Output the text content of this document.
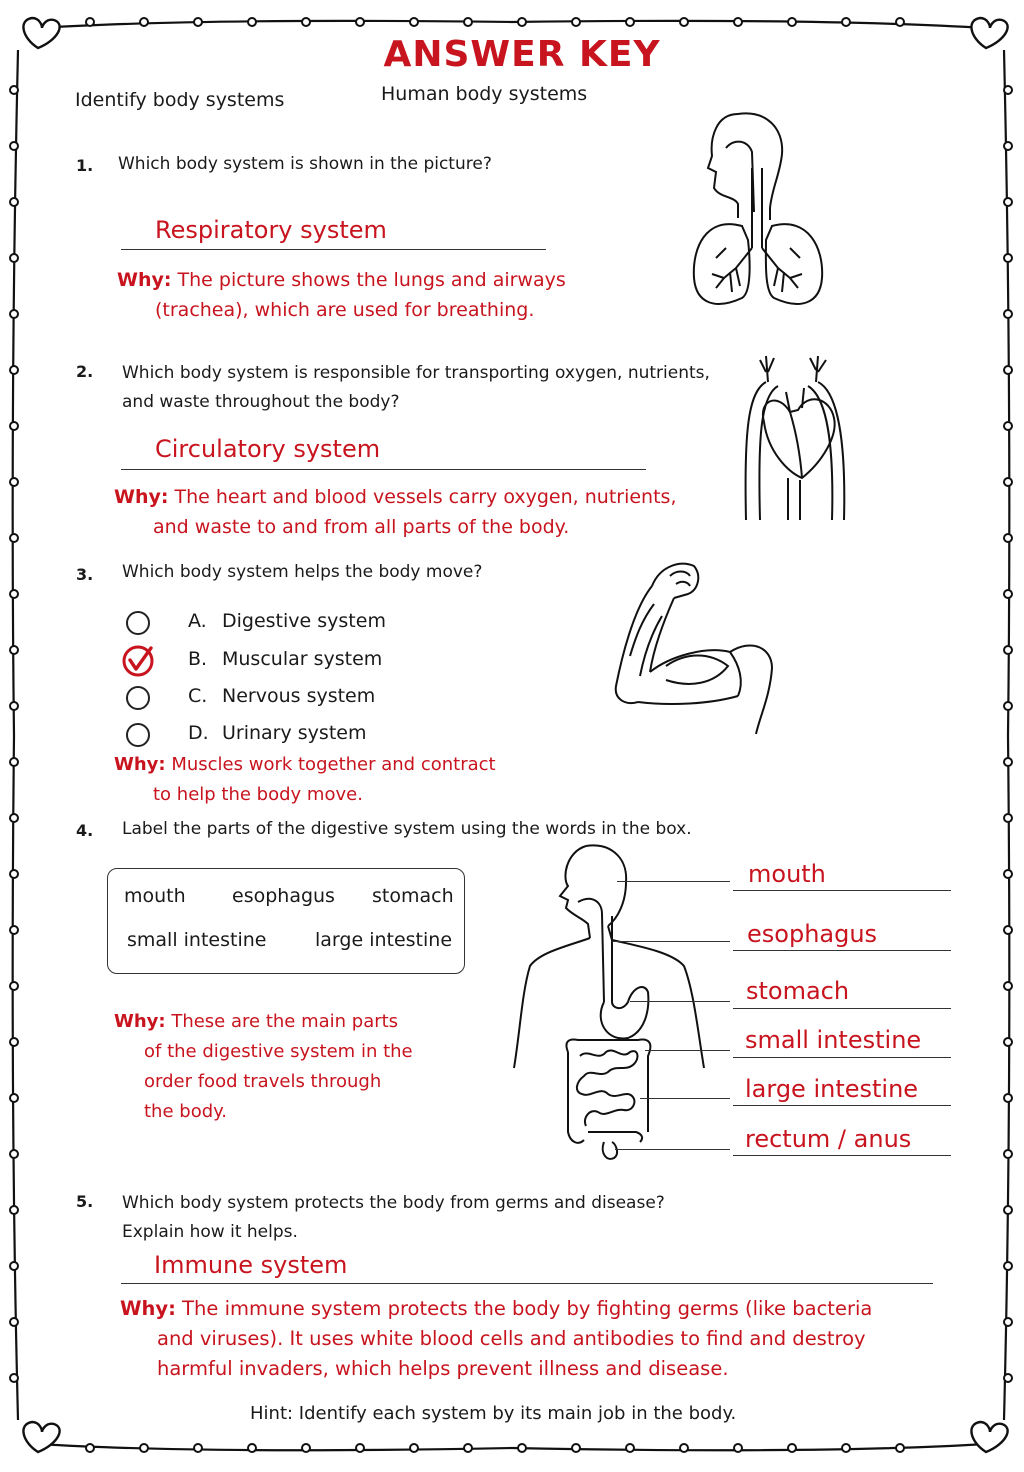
ANSWER KEY
Identify body systems	Human body systems
1. Which body system is shown in the picture?
Respiratory system
Why: The picture shows the lungs and airways
(trachea), which are used for breathing.
2. Which body system is responsible for transporting oxygen, nutrients,
and waste throughout the body?
Circulatory system
Why: The heart and blood vessels carry oxygen, nutrients,
and waste to and from all parts of the body.
3. Which body system helps the body move?
A. Digestive system
B. Muscular system
C. Nervous system
D. Urinary system
Why: Muscles work together and contract
to help the body move.
4. Label the parts of the digestive system using the words in the box.
mouth esophagus stomach
small intestine	large intestine
Why: These are the main parts
of the digestive system in the
order food travels through
the body.
mouth
esophagus
stomach
small intestine
large intestine
rectum / anus
5. Which body system protects the body from germs and disease?
Explain how it helps.
Immune system
Why: The immune system protects the body by fighting germs (like bacteria
and viruses). It uses white blood cells and antibodies to find and destroy
harmful invaders, which helps prevent illness and disease.
Hint: Identify each system by its main job in the body.
